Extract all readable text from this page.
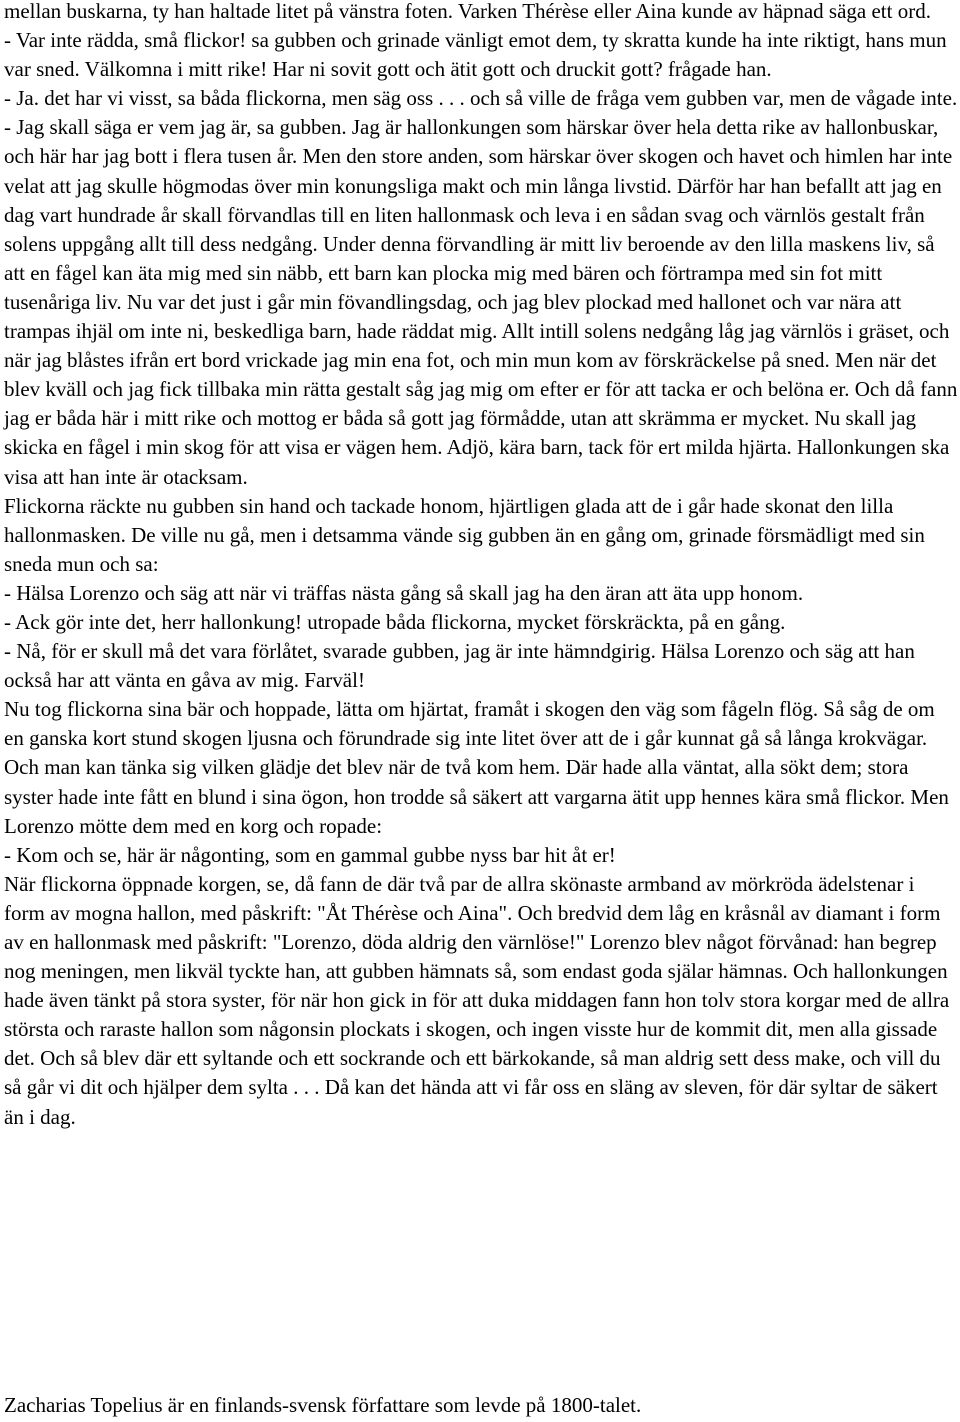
mellan buskarna, ty han haltade litet på vänstra foten. Varken Thérèse eller Aina kunde av häpnad säga ett ord.

- Var inte rädda, små flickor! sa gubben och grinade vänligt emot dem, ty skratta kunde ha inte riktigt, hans mun var sned. Välkomna i mitt rike! Har ni sovit gott och ätit gott och druckit gott? frågade han.

- Ja. det har vi visst, sa båda flickorna, men säg oss . . . och så ville de fråga vem gubben var, men de vågade inte.

- Jag skall säga er vem jag är, sa gubben. Jag är hallonkungen som härskar över hela detta rike av hallonbuskar, och här har jag bott i flera tusen år. Men den store anden, som härskar över skogen och havet och himlen har inte velat att jag skulle högmodas över min konungsliga makt och min långa livstid. Därför har han befallt att jag en dag vart hundrade år skall förvandlas till en liten hallonmask och leva i en sådan svag och värnlös gestalt från solens uppgång allt till dess nedgång. Under denna förvandling är mitt liv beroende av den lilla maskens liv, så att en fågel kan äta mig med sin näbb, ett barn kan plocka mig med bären och förtrampa med sin fot mitt tusenåriga liv. Nu var det just i går min fövandlingsdag, och jag blev plockad med hallonet och var nära att trampas ihjäl om inte ni, beskedliga barn, hade räddat mig. Allt intill solens nedgång låg jag värnlös i gräset, och när jag blåstes ifrån ert bord vrickade jag min ena fot, och min mun kom av förskräckelse på sned. Men när det blev kväll och jag fick tillbaka min rätta gestalt såg jag mig om efter er för att tacka er och belöna er. Och då fann jag er båda här i mitt rike och mottog er båda så gott jag förmådde, utan att skrämma er mycket. Nu skall jag skicka en fågel i min skog för att visa er vägen hem. Adjö, kära barn, tack för ert milda hjärta. Hallonkungen ska visa att han inte är otacksam.

Flickorna räckte nu gubben sin hand och tackade honom, hjärtligen glada att de i går hade skonat den lilla hallonmasken. De ville nu gå, men i detsamma vände sig gubben än en gång om, grinade försmädligt med sin sneda mun och sa:

- Hälsa Lorenzo och säg att när vi träffas nästa gång så skall jag ha den äran att äta upp honom.

- Ack gör inte det, herr hallonkung! utropade båda flickorna, mycket förskräckta, på en gång.

- Nå, för er skull må det vara förlåtet, svarade gubben, jag är inte hämndgirig. Hälsa Lorenzo och säg att han också har att vänta en gåva av mig. Farväl!

Nu tog flickorna sina bär och hoppade, lätta om hjärtat, framåt i skogen den väg som fågeln flög. Så såg de om en ganska kort stund skogen ljusna och förundrade sig inte litet över att de i går kunnat gå så långa krokvägar. Och man kan tänka sig vilken glädje det blev när de två kom hem. Där hade alla väntat, alla sökt dem; stora syster hade inte fått en blund i sina ögon, hon trodde så säkert att vargarna ätit upp hennes kära små flickor. Men Lorenzo mötte dem med en korg och ropade:

- Kom och se, här är någonting, som en gammal gubbe nyss bar hit åt er!

När flickorna öppnade korgen, se, då fann de där två par de allra skönaste armband av mörkröda ädelstenar i form av mogna hallon, med påskrift: "Åt Thérèse och Aina". Och bredvid dem låg en kråsnål av diamant i form av en hallonmask med påskrift: "Lorenzo, döda aldrig den värnlöse!" Lorenzo blev något förvånad: han begrep nog meningen, men likväl tyckte han, att gubben hämnats så, som endast goda själar hämnas. Och hallonkungen hade även tänkt på stora syster, för när hon gick in för att duka middagen fann hon tolv stora korgar med de allra största och raraste hallon som någonsin plockats i skogen, och ingen visste hur de kommit dit, men alla gissade det. Och så blev där ett syltande och ett sockrande och ett bärkokande, så man aldrig sett dess make, och vill du så går vi dit och hjälper dem sylta . . . Då kan det hända att vi får oss en släng av sleven, för där syltar de säkert än i dag.

Zacharias Topelius är en finlands-svensk författare som levde på 1800-talet.
